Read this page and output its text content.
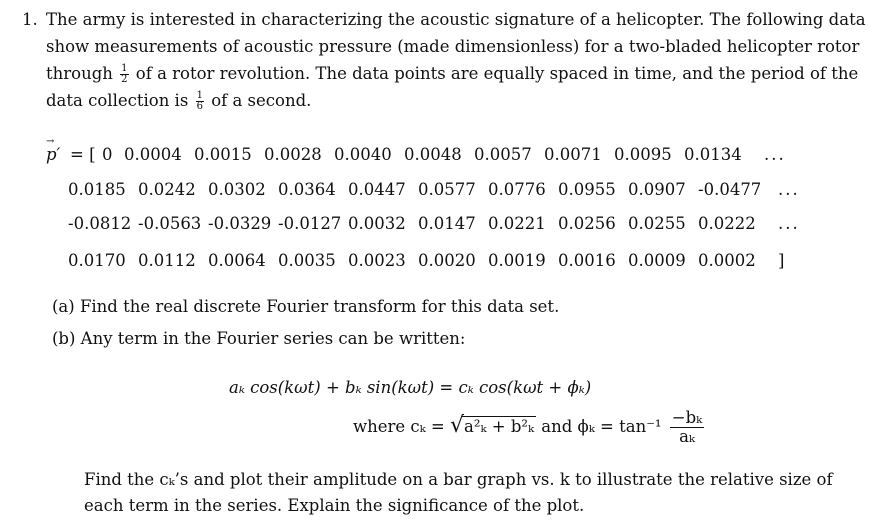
1. The army is interested in characterizing the acoustic signature of a helicopter. The following data
show measurements of acoustic pressure (made dimensionless) for a two-bladed helicopter rotor
through $\frac{1}{2}$ of a rotor revolution. The data points are equally spaced in time, and the period of the
data collection is $\frac{1}{6}$ of a second.
→
p′ = [ 0 0.0004 0.0015 0.0028 0.0040 0.0048 0.0057 0.0071 0.0095 0.0134	...
0.0185 0.0242 0.0302 0.0364 0.0447 0.0577 0.0776 0.0955 0.0907 -0.0477	...
-0.0812 -0.0563 -0.0329 -0.0127 0.0032 0.0147 0.0221 0.0256 0.0255 0.0222	...
0.0170 0.0112 0.0064 0.0035 0.0023 0.0020 0.0019 0.0016 0.0009 0.0002	]
(a) Find the real discrete Fourier transform for this data set.
(b) Any term in the Fourier series can be written:
aₖ cos(kωt) + bₖ sin(kωt) = cₖ cos(kωt + ϕₖ)
where cₖ = √a²ₖ + b²ₖ and $\phi_k = \tan^{-1} \frac{\text{−bₖ}}{\text{aₖ}}$
Find the cₖ’s and plot their amplitude on a bar graph vs. k to illustrate the relative size of
each term in the series. Explain the significance of the plot.
